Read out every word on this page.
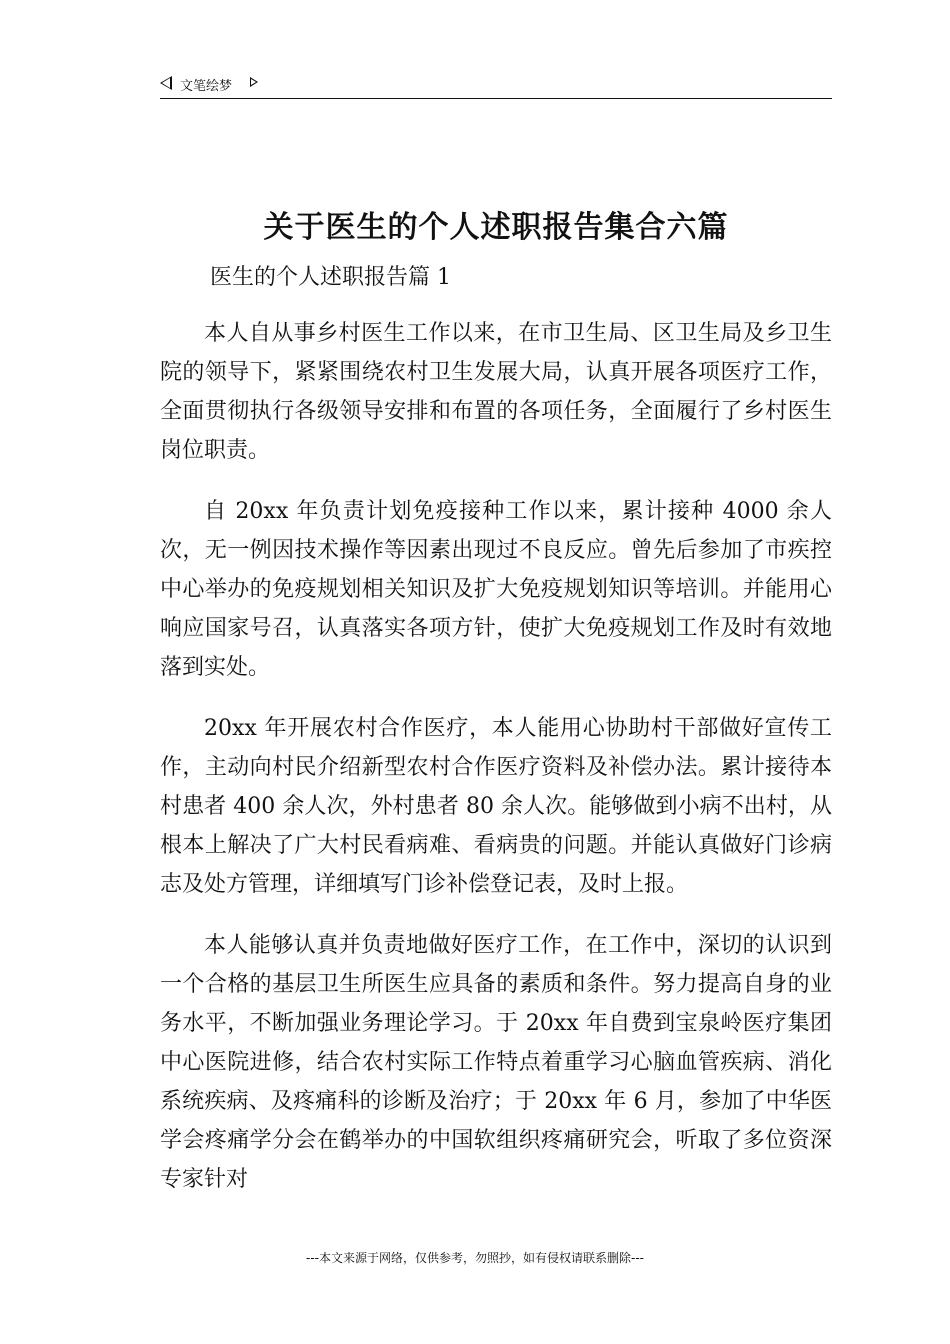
文笔绘梦
关于医生的个人述职报告集合六篇
医生的个人述职报告篇 1

本人自从事乡村医生工作以来，在市卫生局、区卫生局及乡卫生院的领导下，紧紧围绕农村卫生发展大局，认真开展各项医疗工作，全面贯彻执行各级领导安排和布置的各项任务，全面履行了乡村医生岗位职责。

自 20xx 年负责计划免疫接种工作以来，累计接种 4000 余人次，无一例因技术操作等因素出现过不良反应。曾先后参加了市疾控中心举办的免疫规划相关知识及扩大免疫规划知识等培训。并能用心响应国家号召，认真落实各项方针，使扩大免疫规划工作及时有效地落到实处。

20xx 年开展农村合作医疗，本人能用心协助村干部做好宣传工作，主动向村民介绍新型农村合作医疗资料及补偿办法。累计接待本村患者 400 余人次，外村患者 80 余人次。能够做到小病不出村，从根本上解决了广大村民看病难、看病贵的问题。并能认真做好门诊病志及处方管理，详细填写门诊补偿登记表，及时上报。

本人能够认真并负责地做好医疗工作，在工作中，深切的认识到一个合格的基层卫生所医生应具备的素质和条件。努力提高自身的业务水平，不断加强业务理论学习。于 20xx 年自费到宝泉岭医疗集团中心医院进修，结合农村实际工作特点着重学习心脑血管疾病、消化系统疾病、及疼痛科的诊断及治疗；于 20xx 年 6 月，参加了中华医学会疼痛学分会在鹤举办的中国软组织疼痛研究会，听取了多位资深专家针对

---本文来源于网络，仅供参考，勿照抄，如有侵权请联系删除---
